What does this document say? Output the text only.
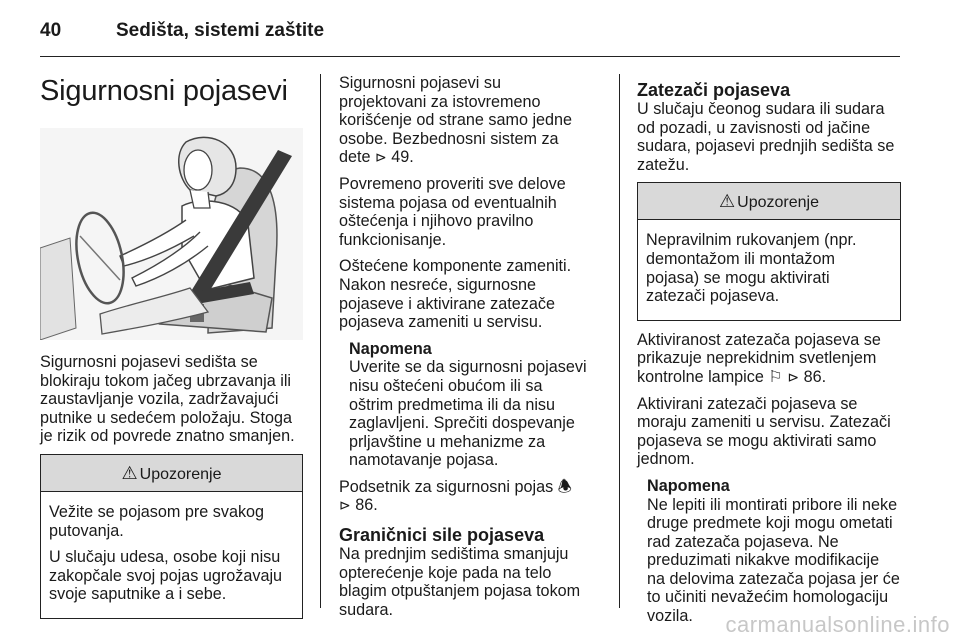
40	Sedišta, sistemi zaštite
Sigurnosni pojasevi

Sigurnosni pojasevi sedišta se blokiraju tokom jačeg ubrzavanja ili zaustavljanje vozila, zadržavajući putnike u sedećem položaju. Stoga je rizik od povrede znatno smanjen.

⚠ Upozorenje

Vežite se pojasom pre svakog putovanja.

U slučaju udesa, osobe koji nisu zakopčale svoj pojas ugrožavaju svoje saputnike a i sebe.

Sigurnosni pojasevi su projektovani za istovremeno korišćenje od strane samo jedne osobe. Bezbednosni sistem za dete ⊳ 49.

Povremeno proveriti sve delove sistema pojasa od eventualnih oštećenja i njihovo pravilno funkcionisanje.

Oštećene komponente zameniti. Nakon nesreće, sigurnosne pojaseve i aktivirane zatezače pojaseva zameniti u servisu.

Napomena
Uverite se da sigurnosni pojasevi nisu oštećeni obućom ili sa oštrim predmetima ili da nisu zaglavljeni. Sprečiti dospevanje prljavštine u mehanizme za namotavanje pojasa.

Podsetnik za sigurnosni pojas 🕭
⊳ 86.

Graničnici sile pojaseva

Na prednjim sedištima smanjuju opterećenje koje pada na telo blagim otpuštanjem pojasa tokom sudara.

Zatezači pojaseva

U slučaju čeonog sudara ili sudara od pozadi, u zavisnosti od jačine sudara, pojasevi prednjih sedišta se zatežu.

⚠ Upozorenje

Nepravilnim rukovanjem (npr. demontažom ili montažom pojasa) se mogu aktivirati zatezači pojaseva.

Aktiviranost zatezača pojaseva se prikazuje neprekidnim svetlenjem kontrolne lampice ⚐ ⊳ 86.

Aktivirani zatezači pojaseva se moraju zameniti u servisu. Zatezači pojaseva se mogu aktivirati samo jednom.

Napomena
Ne lepiti ili montirati pribore ili neke druge predmete koji mogu ometati rad zatezača pojaseva. Ne preduzimati nikakve modifikacije na delovima zatezača pojasa jer će to učiniti nevažećim homologaciju vozila.	carmanualsonline.info
